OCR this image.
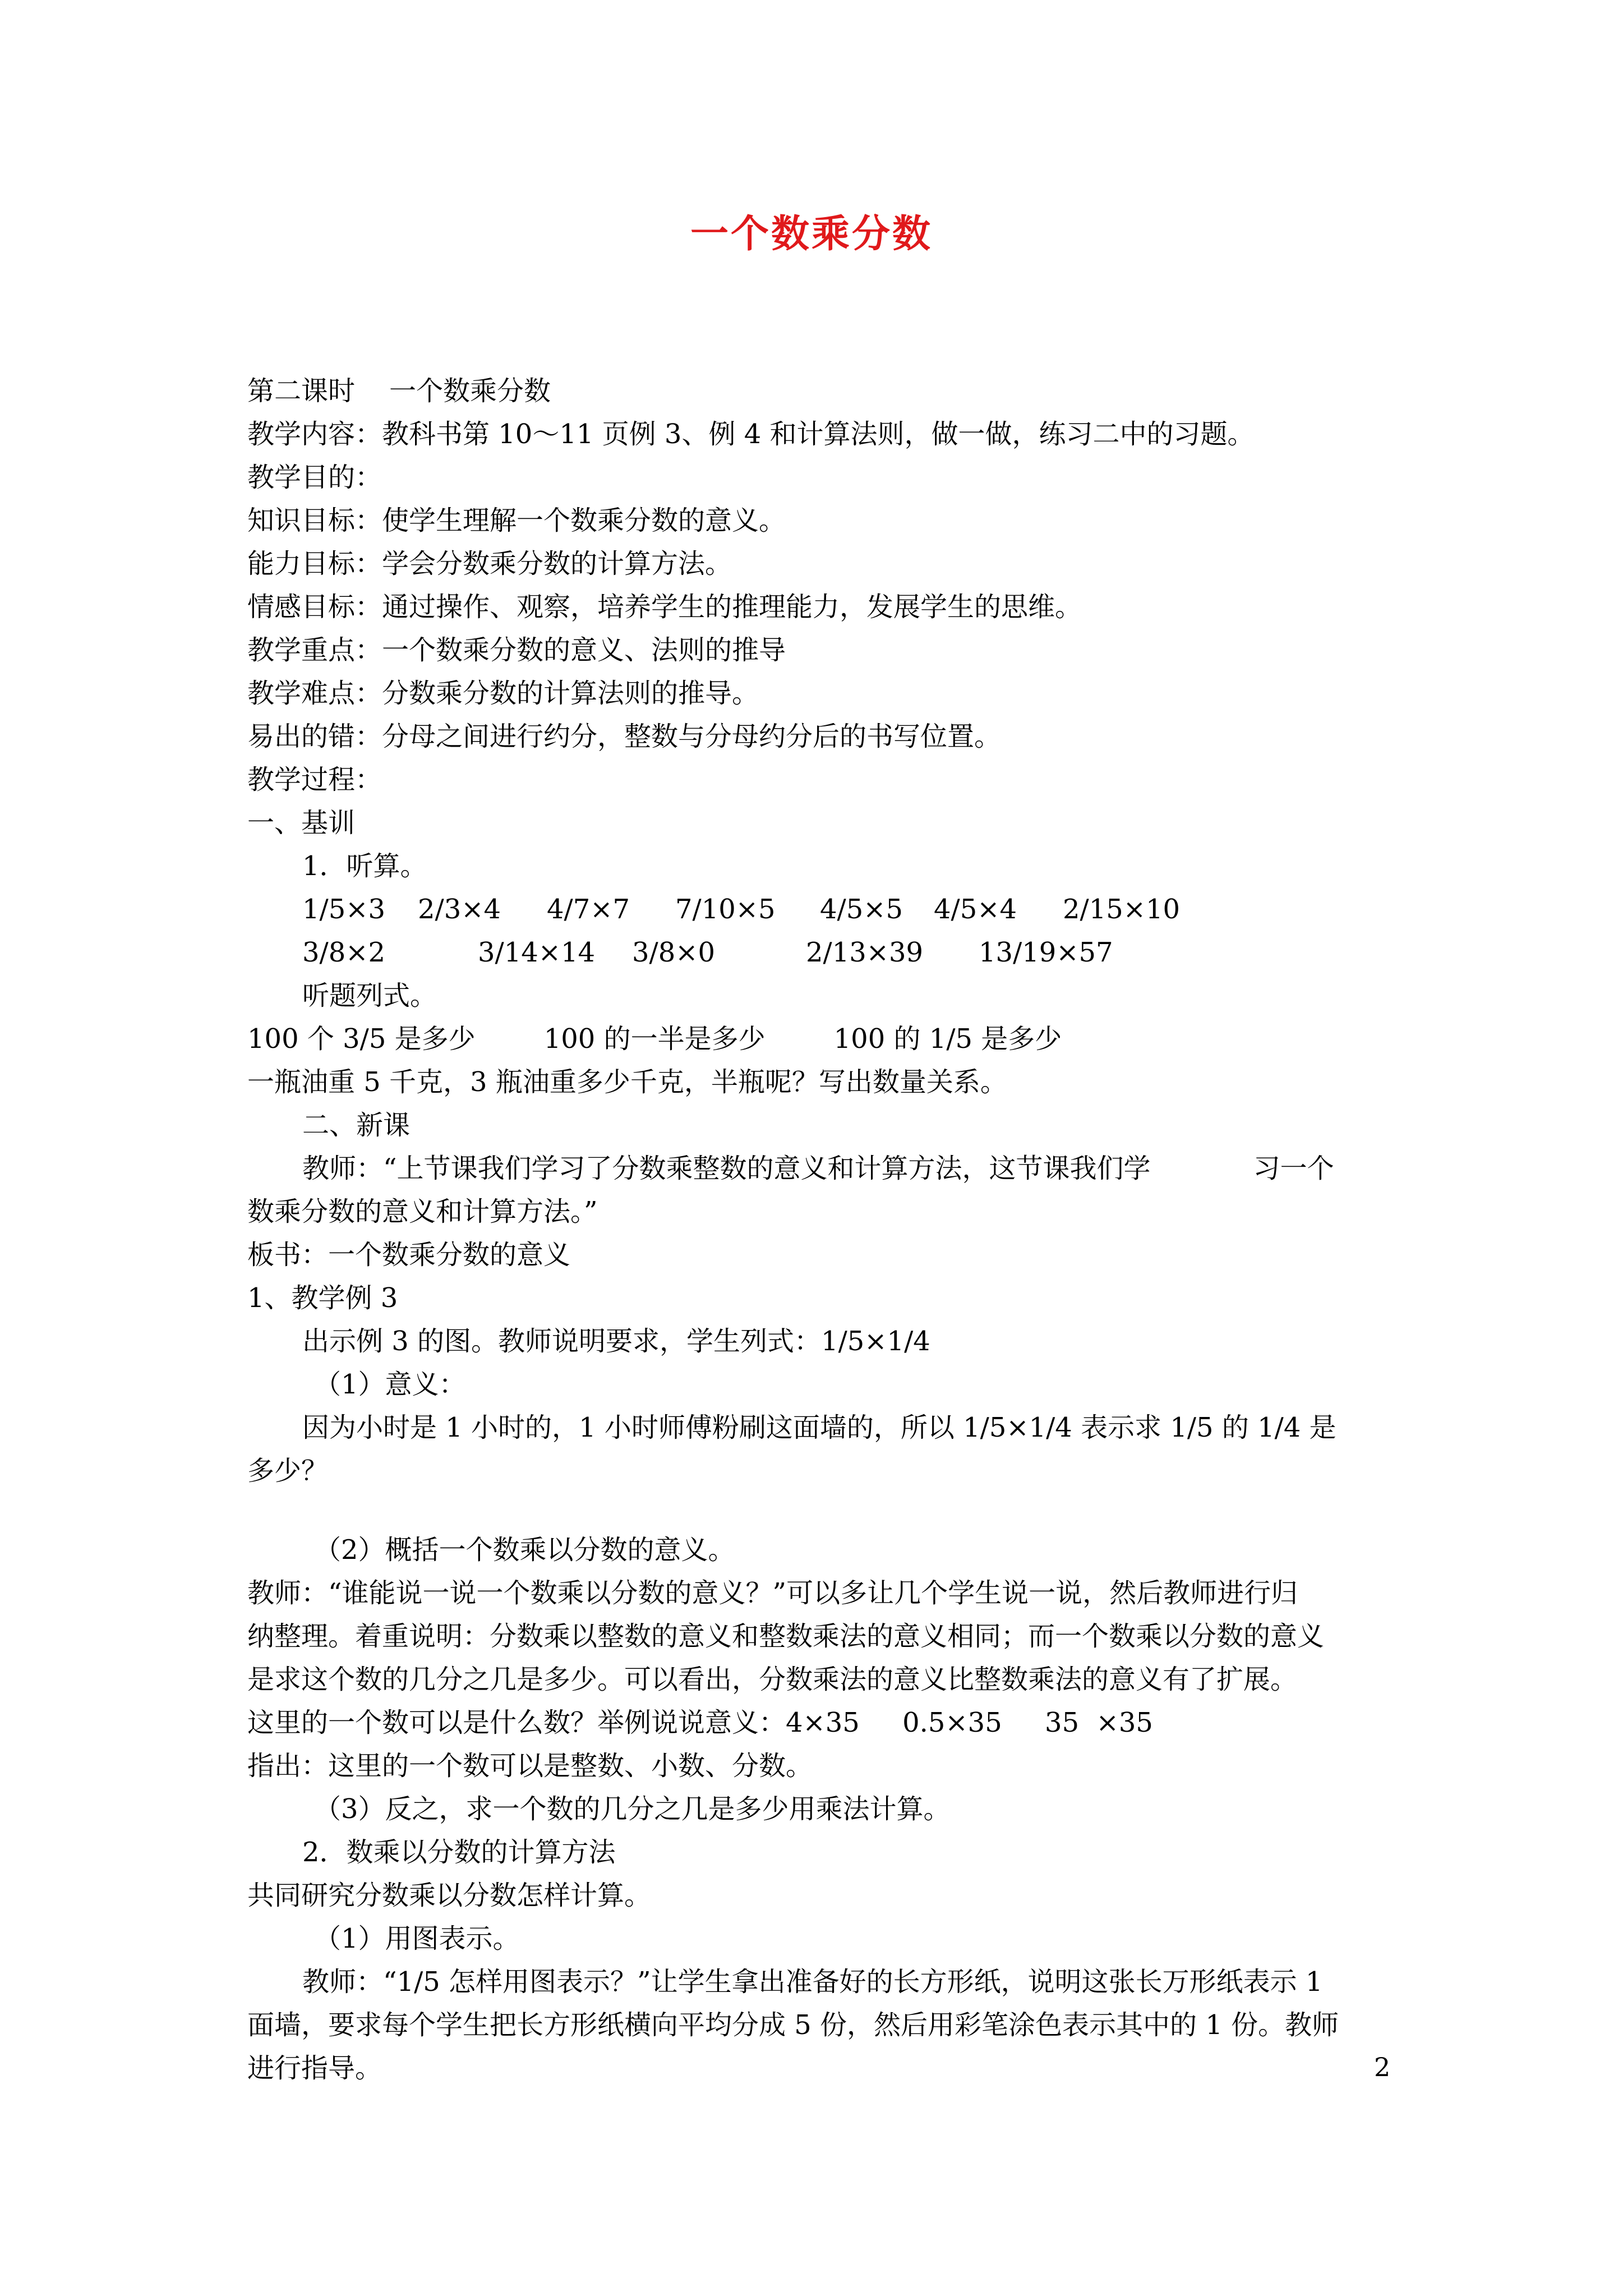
一个数乘分数
第二课时    一个数乘分数
教学内容：教科书第 10～11 页例 3、例 4 和计算法则，做一做，练习二中的习题。
教学目的：
知识目标：使学生理解一个数乘分数的意义。
能力目标：学会分数乘分数的计算方法。
情感目标：通过操作、观察，培养学生的推理能力，发展学生的思维。
教学重点：一个数乘分数的意义、法则的推导
教学难点：分数乘分数的计算法则的推导。
易出的错：分母之间进行约分，整数与分母约分后的书写位置。
教学过程：
一、基训
1．听算。
1/5×3 2/3×4 4/7×7 7/10×5 4/5×5 4/5×4 2/15×10
3/8×2	3/14×14 3/8×0	2/13×39 13/19×57
听题列式。
100 个 3/5 是多少        100 的一半是多少        100 的 1/5 是多少
一瓶油重 5 千克，3 瓶油重多少千克，半瓶呢？写出数量关系。
二、新课
教师：“上节课我们学习了分数乘整数的意义和计算方法，这节课我们学            习一个
数乘分数的意义和计算方法。”
板书：一个数乘分数的意义
1、教学例 3
出示例 3 的图。教师说明要求，学生列式：1/5×1/4
（1）意义：
因为小时是 1 小时的，1 小时师傅粉刷这面墙的，所以 1/5×1/4 表示求 1/5 的 1/4 是
多少？
（2）概括一个数乘以分数的意义。
教师：“谁能说一说一个数乘以分数的意义？”可以多让几个学生说一说，然后教师进行归
纳整理。着重说明：分数乘以整数的意义和整数乘法的意义相同；而一个数乘以分数的意义
是求这个数的几分之几是多少。可以看出，分数乘法的意义比整数乘法的意义有了扩展。
这里的一个数可以是什么数？举例说说意义：4×35     0.5×35     35  ×35
指出：这里的一个数可以是整数、小数、分数。
（3）反之，求一个数的几分之几是多少用乘法计算。
2．数乘以分数的计算方法
共同研究分数乘以分数怎样计算。
（1）用图表示。
教师：“1/5 怎样用图表示？”让学生拿出准备好的长方形纸，说明这张长万形纸表示 1
面墙，要求每个学生把长方形纸横向平均分成 5 份，然后用彩笔涂色表示其中的 1 份。教师
进行指导。	2
